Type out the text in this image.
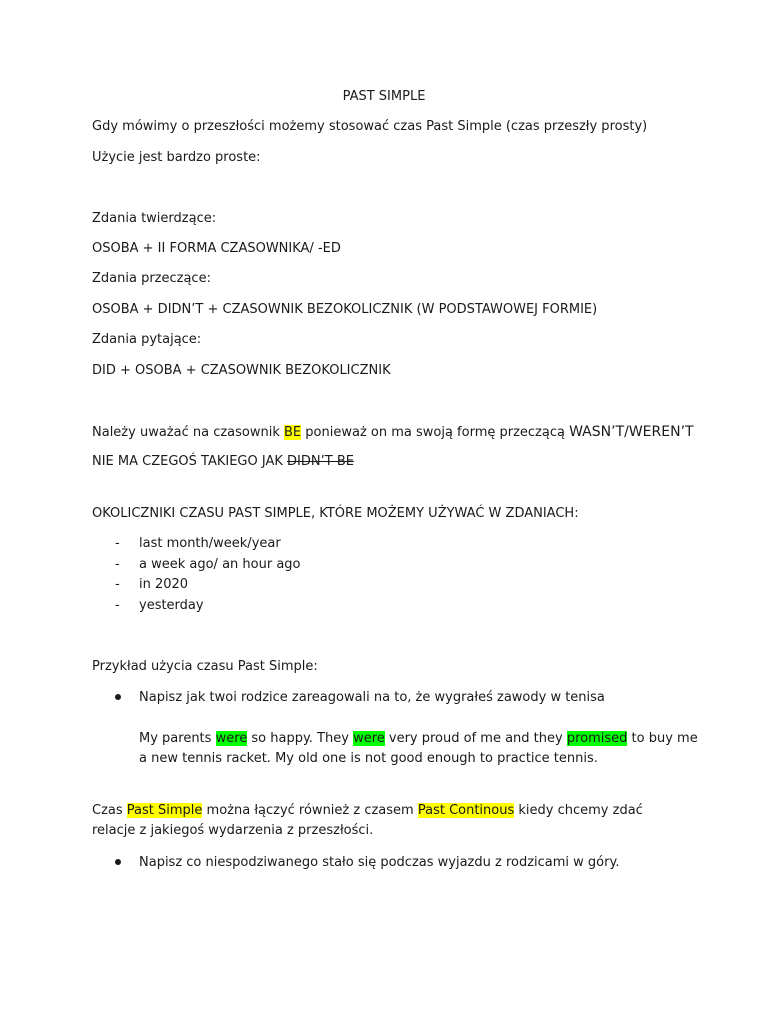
PAST SIMPLE
Gdy mówimy o przeszłości możemy stosować czas Past Simple (czas przeszły prosty)
Użycie jest bardzo proste:
Zdania twierdzące:
OSOBA + II FORMA CZASOWNIKA/ -ED
Zdania przeczące:
OSOBA + DIDN’T + CZASOWNIK BEZOKOLICZNIK (W PODSTAWOWEJ FORMIE)
Zdania pytające:
DID + OSOBA + CZASOWNIK BEZOKOLICZNIK
Należy uważać na czasownik BE ponieważ on ma swoją formę przeczącą WASN’T/WEREN’T
NIE MA CZEGOŚ TAKIEGO JAK DIDN’T BE
OKOLICZNIKI CZASU PAST SIMPLE, KTÓRE MOŻEMY UŻYWAĆ W ZDANIACH:
- last month/week/year
- a week ago/ an hour ago
- in 2020
- yesterday
Przykład użycia czasu Past Simple:
Napisz jak twoi rodzice zareagowali na to, że wygrałeś zawody w tenisa
My parents were so happy. They were very proud of me and they promised to buy me a new tennis racket. My old one is not good enough to practice tennis.
Czas Past Simple można łączyć również z czasem Past Continous kiedy chcemy zdać relacje z jakiegoś wydarzenia z przeszłości.
Napisz co niespodziwanego stało się podczas wyjazdu z rodzicami w góry.
